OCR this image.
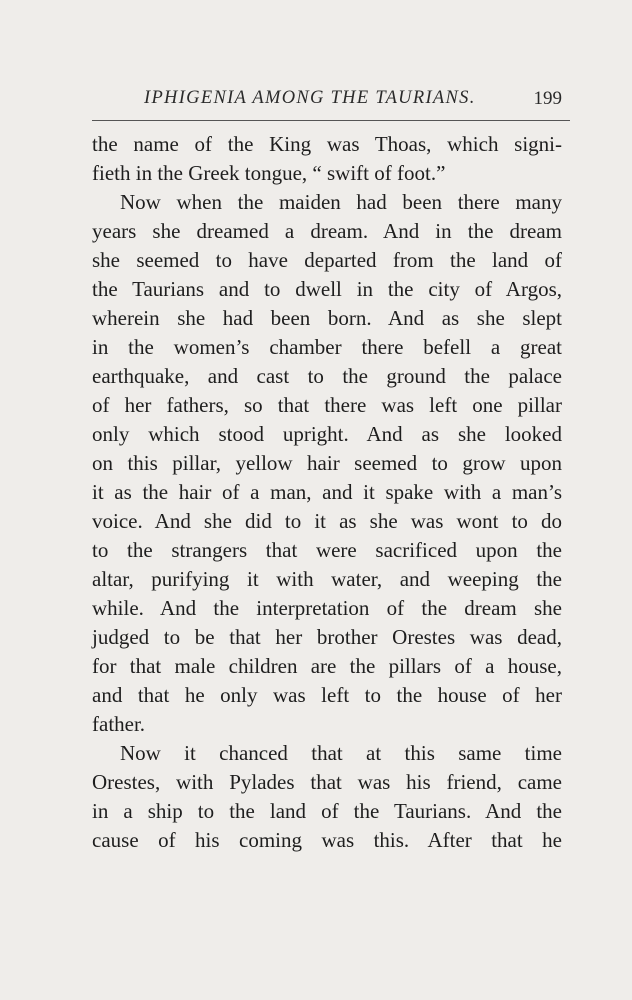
IPHIGENIA AMONG THE TAURIANS.	199
the name of the King was Thoas, which signi-
fieth in the Greek tongue, “ swift of foot.”
Now when the maiden had been there many
years she dreamed a dream. And in the dream
she seemed to have departed from the land of
the Taurians and to dwell in the city of Argos,
wherein she had been born. And as she slept
in the women’s chamber there befell a great
earthquake, and cast to the ground the palace
of her fathers, so that there was left one pillar
only which stood upright. And as she looked
on this pillar, yellow hair seemed to grow upon
it as the hair of a man, and it spake with a man’s
voice. And she did to it as she was wont to do
to the strangers that were sacrificed upon the
altar, purifying it with water, and weeping the
while. And the interpretation of the dream she
judged to be that her brother Orestes was dead,
for that male children are the pillars of a house,
and that he only was left to the house of her
father.
Now it chanced that at this same time
Orestes, with Pylades that was his friend, came
in a ship to the land of the Taurians. And the
cause of his coming was this. After that he
